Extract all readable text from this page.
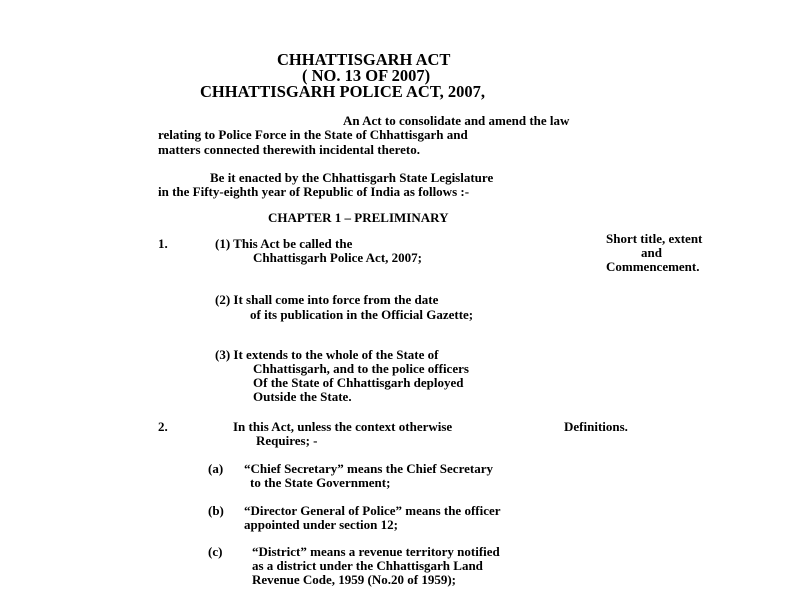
CHHATTISGARH ACT
( NO. 13 OF 2007)
CHHATTISGARH POLICE ACT, 2007,
An Act to consolidate and amend the law
relating to Police Force in the State of Chhattisgarh and
matters connected therewith incidental thereto.
Be it enacted by the Chhattisgarh State Legislature
in the Fifty-eighth year of Republic of India as follows :-
CHAPTER 1 – PRELIMINARY
1.	(1) This Act be called the
Chhattisgarh Police Act, 2007;
Short title, extent
and
Commencement.
(2) It shall come into force from the date
of its publication in the Official Gazette;
(3) It extends to the whole of the State of
Chhattisgarh, and to the police officers
Of the State of Chhattisgarh deployed
Outside the State.
2.	In this Act, unless the context otherwise	Definitions.
Requires; -
(a) “Chief Secretary” means the Chief Secretary
to the State Government;
(b) “Director General of Police” means the officer
appointed under section 12;
(c) “District” means a revenue territory notified
as a district under the Chhattisgarh Land
Revenue Code, 1959 (No.20 of 1959);
